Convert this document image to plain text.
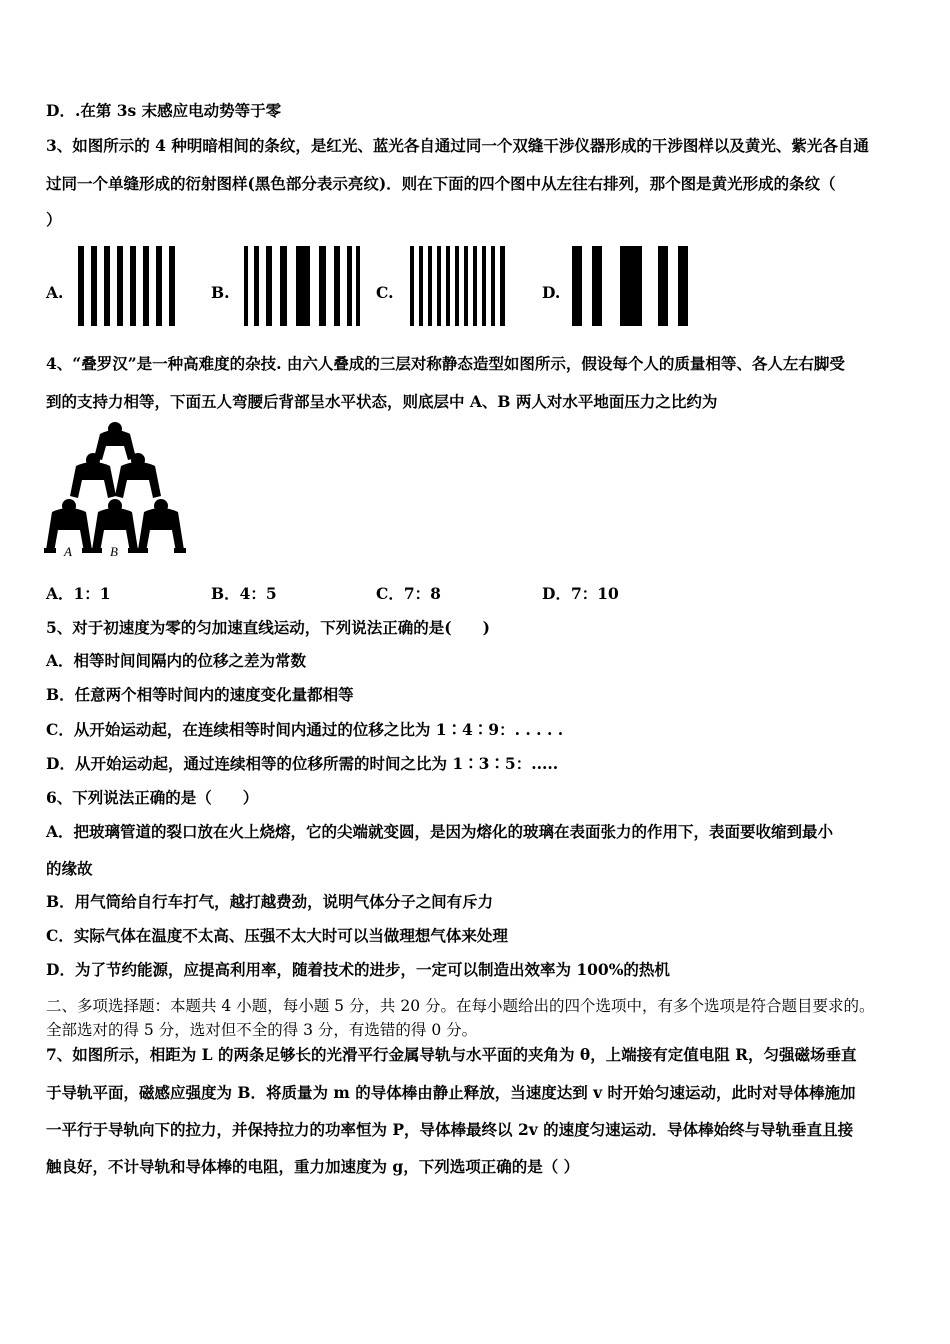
D．.在第 3s 末感应电动势等于零
3、如图所示的 4 种明暗相间的条纹，是红光、蓝光各自通过同一个双缝干涉仪器形成的干涉图样以及黄光、紫光各自通
过同一个单缝形成的衍射图样(黑色部分表示亮纹)．则在下面的四个图中从左往右排列，那个图是黄光形成的条纹（
）
A.	B.	C.	D.
4、“叠罗汉”是一种高难度的杂技. 由六人叠成的三层对称静态造型如图所示，假设每个人的质量相等、各人左右脚受
到的支持力相等，下面五人弯腰后背部呈水平状态，则底层中 A、B 两人对水平地面压力之比约为
A	B
A．1：1	B．4：5	C．7：8	D．7：10
5、对于初速度为零的匀加速直线运动，下列说法正确的是(　　)
A．相等时间间隔内的位移之差为常数
B．任意两个相等时间内的速度变化量都相等
C．从开始运动起，在连续相等时间内通过的位移之比为 1∶4∶9：. . . . .
D．从开始运动起，通过连续相等的位移所需的时间之比为 1∶3∶5：.....
6、下列说法正确的是（　　）
A．把玻璃管道的裂口放在火上烧熔，它的尖端就变圆，是因为熔化的玻璃在表面张力的作用下，表面要收缩到最小
的缘故
B．用气筒给自行车打气，越打越费劲，说明气体分子之间有斥力
C．实际气体在温度不太高、压强不太大时可以当做理想气体来处理
D．为了节约能源，应提高利用率，随着技术的进步，一定可以制造出效率为 100%的热机
二、多项选择题：本题共 4 小题，每小题 5 分，共 20 分。在每小题给出的四个选项中，有多个选项是符合题目要求的。
全部选对的得 5 分，选对但不全的得 3 分，有选错的得 0 分。
7、如图所示，相距为 L 的两条足够长的光滑平行金属导轨与水平面的夹角为 θ，上端接有定值电阻 R，匀强磁场垂直
于导轨平面，磁感应强度为 B．将质量为 m 的导体棒由静止释放，当速度达到 v 时开始匀速运动，此时对导体棒施加
一平行于导轨向下的拉力，并保持拉力的功率恒为 P，导体棒最终以 2v 的速度匀速运动．导体棒始终与导轨垂直且接
触良好，不计导轨和导体棒的电阻，重力加速度为 g，下列选项正确的是（ ）
